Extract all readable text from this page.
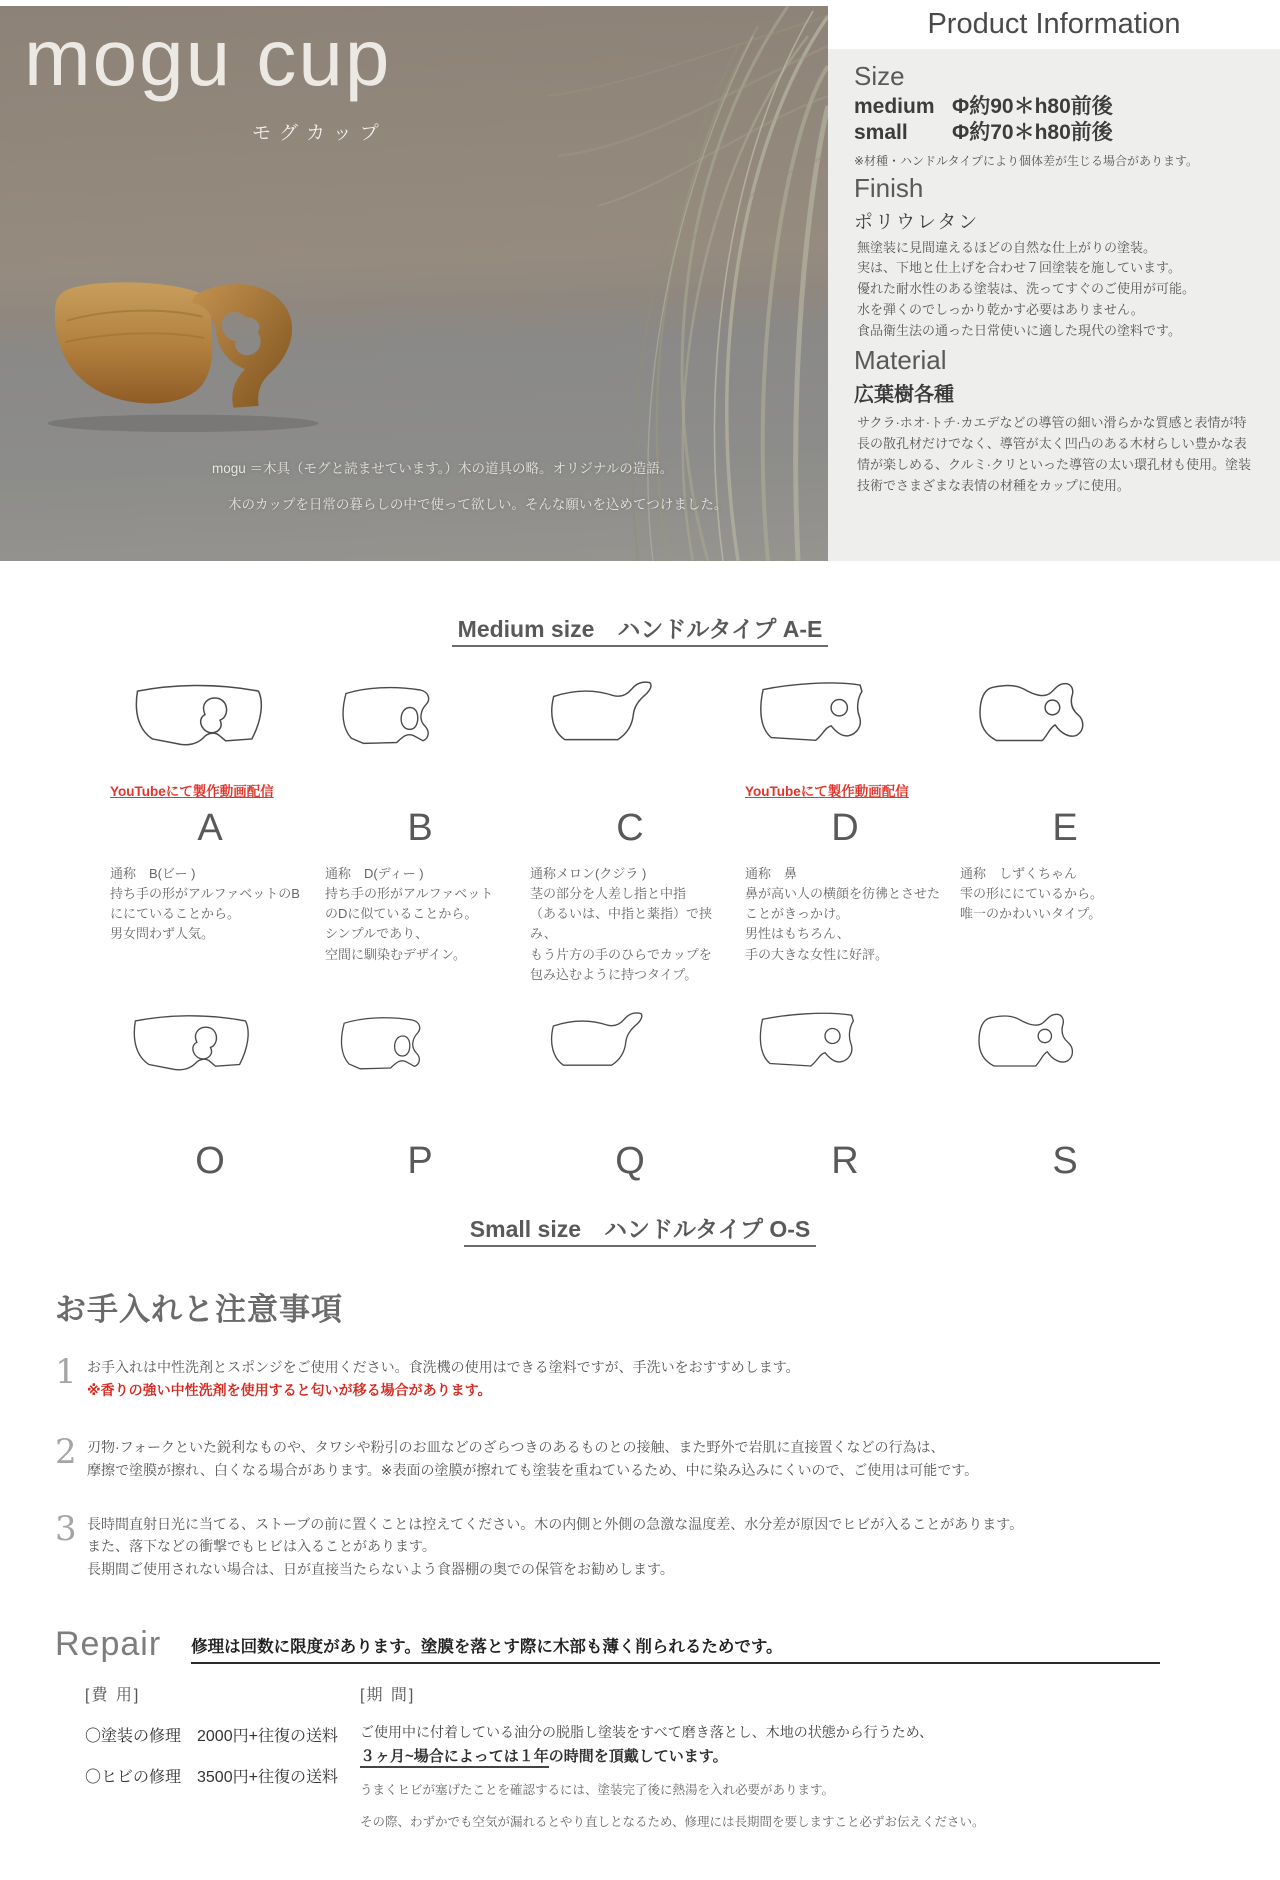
mogu cup
モグカップ
mogu ＝木具（モグと読ませています。）木の道具の略。オリジナルの造語。
木のカップを日常の暮らしの中で使って欲しい。そんな願いを込めてつけました。
Product Information
Size
medium Φ約90＊h80前後
small	Φ約70＊h80前後
※材種・ハンドルタイプにより個体差が生じる場合があります。
Finish
ポリウレタン
無塗装に見間違えるほどの自然な仕上がりの塗装。
実は、下地と仕上げを合わせ７回塗装を施しています。
優れた耐水性のある塗装は、洗ってすぐのご使用が可能。
水を弾くのでしっかり乾かす必要はありません。
食品衛生法の通った日常使いに適した現代の塗料です。
Material
広葉樹各種
サクラ·ホオ·トチ·カエデなどの導管の細い滑らかな質感と表情が特長の散孔材だけでなく、導管が太く凹凸のある木材らしい豊かな表情が楽しめる、クルミ·クリといった導管の太い環孔材も使用。塗装技術でさまざまな表情の材種をカップに使用。
Medium size　ハンドルタイプ A-E
YouTubeにて製作動画配信
A
通称　B(ビー )
持ち手の形がアルファベットのB
ににていることから。
男女問わず人気。
B
通称　D(ディー )
持ち手の形がアルファベット
のDに似ていることから。
シンプルであり、
空間に馴染むデザイン。
C
通称メロン(クジラ )
茎の部分を人差し指と中指
（あるいは、中指と薬指）で挟み、
もう片方の手のひらでカップを
包み込むように持つタイプ。
YouTubeにて製作動画配信
D
通称　鼻
鼻が高い人の横顔を彷彿とさせた
ことがきっかけ。
男性はもちろん、
手の大きな女性に好評。
E
通称　しずくちゃん
雫の形ににているから。
唯一のかわいいタイプ。
O	P	Q	R	S
Small size　ハンドルタイプ O-S
お手入れと注意事項
1 お手入れは中性洗剤とスポンジをご使用ください。食洗機の使用はできる塗料ですが、手洗いをおすすめします。
※香りの強い中性洗剤を使用すると匂いが移る場合があります。
2 刃物·フォークといた鋭利なものや、タワシや粉引のお皿などのざらつきのあるものとの接触、また野外で岩肌に直接置くなどの行為は、
摩擦で塗膜が擦れ、白くなる場合があります。※表面の塗膜が擦れても塗装を重ねているため、中に染み込みにくいので、ご使用は可能です。
3 長時間直射日光に当てる、ストーブの前に置くことは控えてください。木の内側と外側の急激な温度差、水分差が原因でヒビが入ることがあります。
また、落下などの衝撃でもヒビは入ることがあります。
長期間ご使用されない場合は、日が直接当たらないよう食器棚の奥での保管をお勧めします。
Repair 修理は回数に限度があります。塗膜を落とす際に木部も薄く削られるためです。
[費 用]
〇塗装の修理　2000円+往復の送料
〇ヒビの修理　3500円+往復の送料
[期 間]
ご使用中に付着している油分の脱脂し塗装をすべて磨き落とし、木地の状態から行うため、
３ヶ月~場合によっては１年の時間を頂戴しています。
うまくヒビが塞げたことを確認するには、塗装完了後に熱湯を入れ必要があります。
その際、わずかでも空気が漏れるとやり直しとなるため、修理には長期間を要しますこと必ずお伝えください。
